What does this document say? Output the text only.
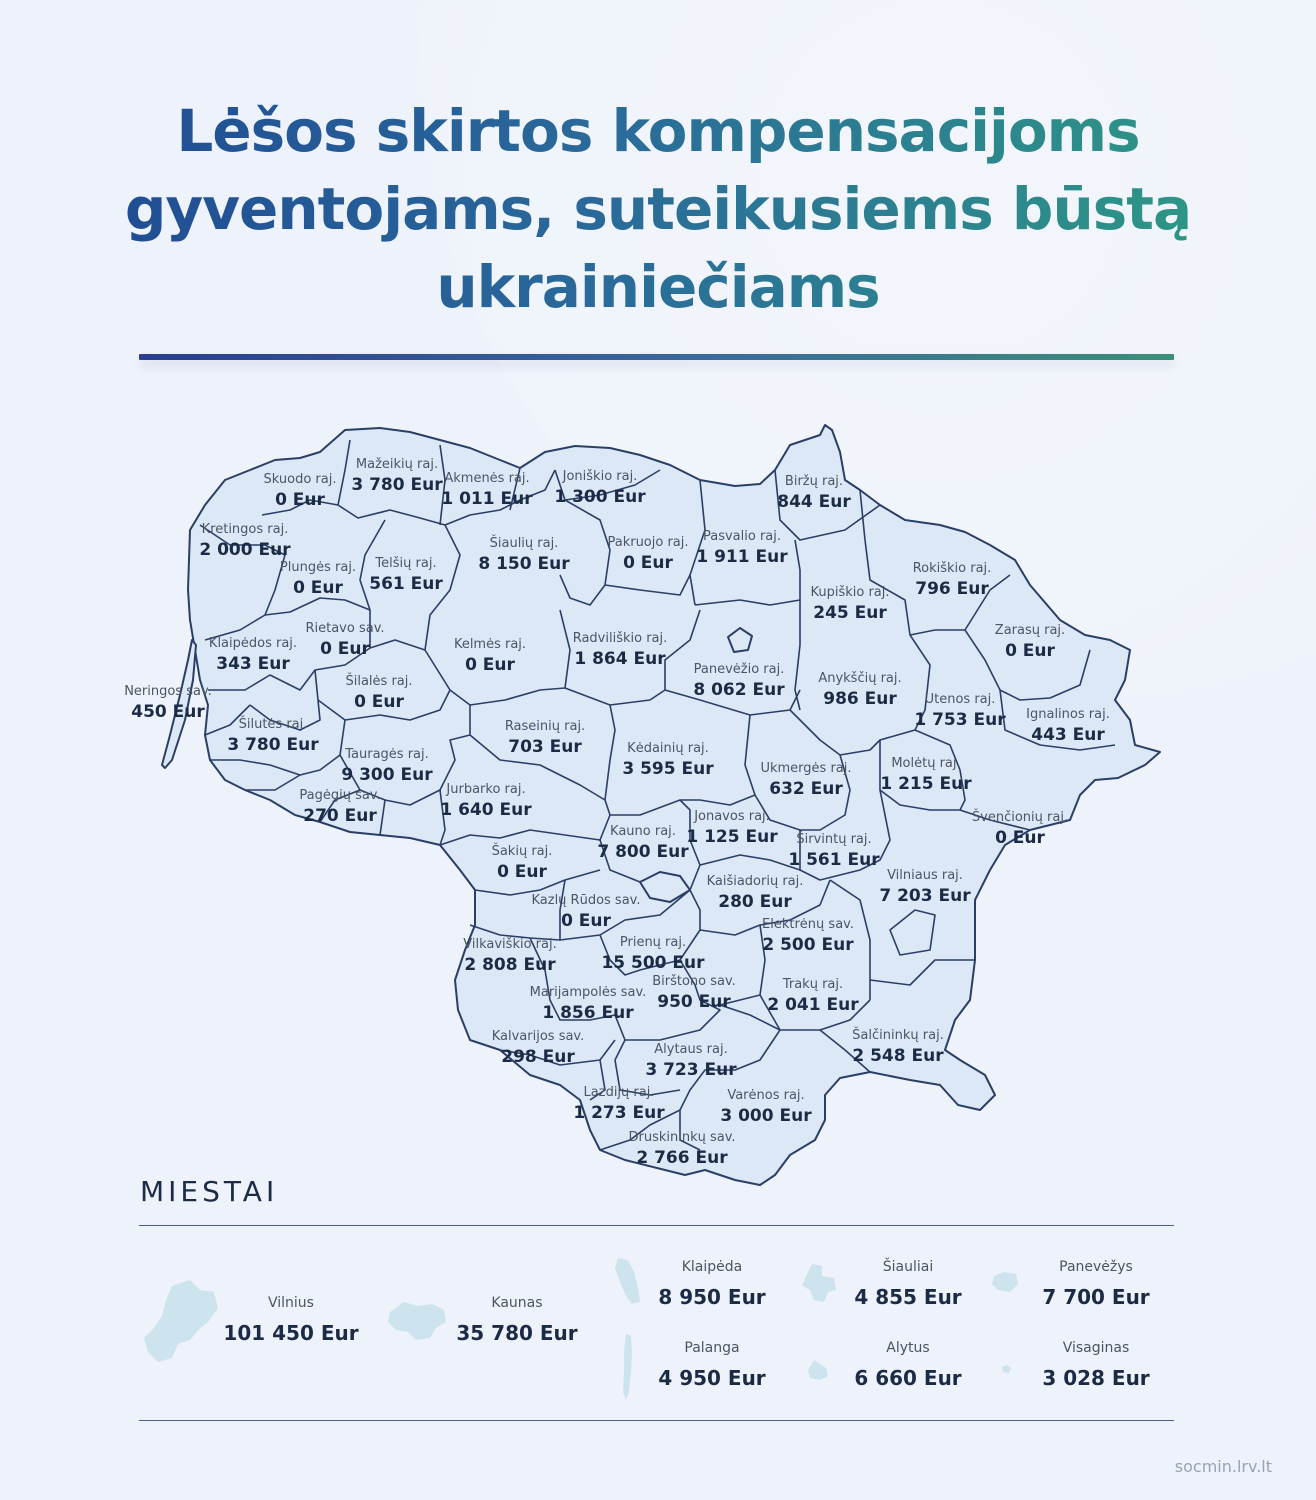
Lėšos skirtos kompensacijoms
gyventojams, suteikusiems būstą
ukrainiečiams
Skuodo raj.
0 Eur
Mažeikių raj.
3 780 Eur Akmenės raj.
1 011 Eur
Joniškio raj.
1 300 Eur
Biržų raj.
844 Eur
Kretingos raj.
2 000 Eur
Plungės raj.
0 Eur
Telšių raj.
561 Eur
Šiaulių raj.
8 150 Eur
Pakruojo raj.
0 Eur
Pasvalio raj.
1 911 Eur
Rokiškio raj.
796 Eur
Kupiškio raj.
245 Eur
Zarasų raj.
0 Eur
Rietavo sav.
0 Eur
Klaipėdos raj.
343 Eur
Kelmės raj.
0 Eur
Radviliškio raj.
1 864 Eur
Panevėžio raj.
8 062 Eur
Anykščių raj.
986 Eur Utenos raj.
1 753 Eur Ignalinos raj.
443 Eur
Neringos sav.
450 Eur
Šilalės raj.
0 Eur
Šilutės raj.
3 780 Eur
Raseinių raj.
703 Eur	Kėdainių raj.
3 595 Eur
Tauragės raj.
9 300 Eur	Ukmergės raj.
632 Eur
Molėtų raj.
1 215 Eur
Pagėgių sav.
270 Eur
Jurbarko raj.
1 640 Eur	Jonavos raj.
1 125 Eur
Švenčionių raj.
0 Eur
Kauno raj.
7 800 Eur
Širvintų raj.
1 561 Eur
Šakių raj.
0 Eur	Kaišiadorių raj.
280 Eur
Vilniaus raj.
7 203 Eur
Kazlų Rūdos sav.
0 Eur	Elektrėnų sav.
2 500 Eur
Vilkaviškio raj.
2 808 Eur
Prienų raj.
15 500 Eur
Birštono sav.
950 Eur
Trakų raj.
2 041 Eur
Marijampolės sav.
1 856 Eur
Kalvarijos sav.
298 Eur
Šalčininkų raj.
2 548 Eur
Alytaus raj.
3 723 Eur
Lazdijų raj.
1 273 Eur
Varėnos raj.
3 000 Eur
Druskininkų sav.
2 766 Eur
MIESTAI
Vilnius
101 450 Eur
Kaunas
35 780 Eur
Klaipėda
8 950 Eur
Šiauliai
4 855 Eur
Panevėžys
7 700 Eur
Palanga
4 950 Eur
Alytus
6 660 Eur
Visaginas
3 028 Eur
socmin.lrv.lt
